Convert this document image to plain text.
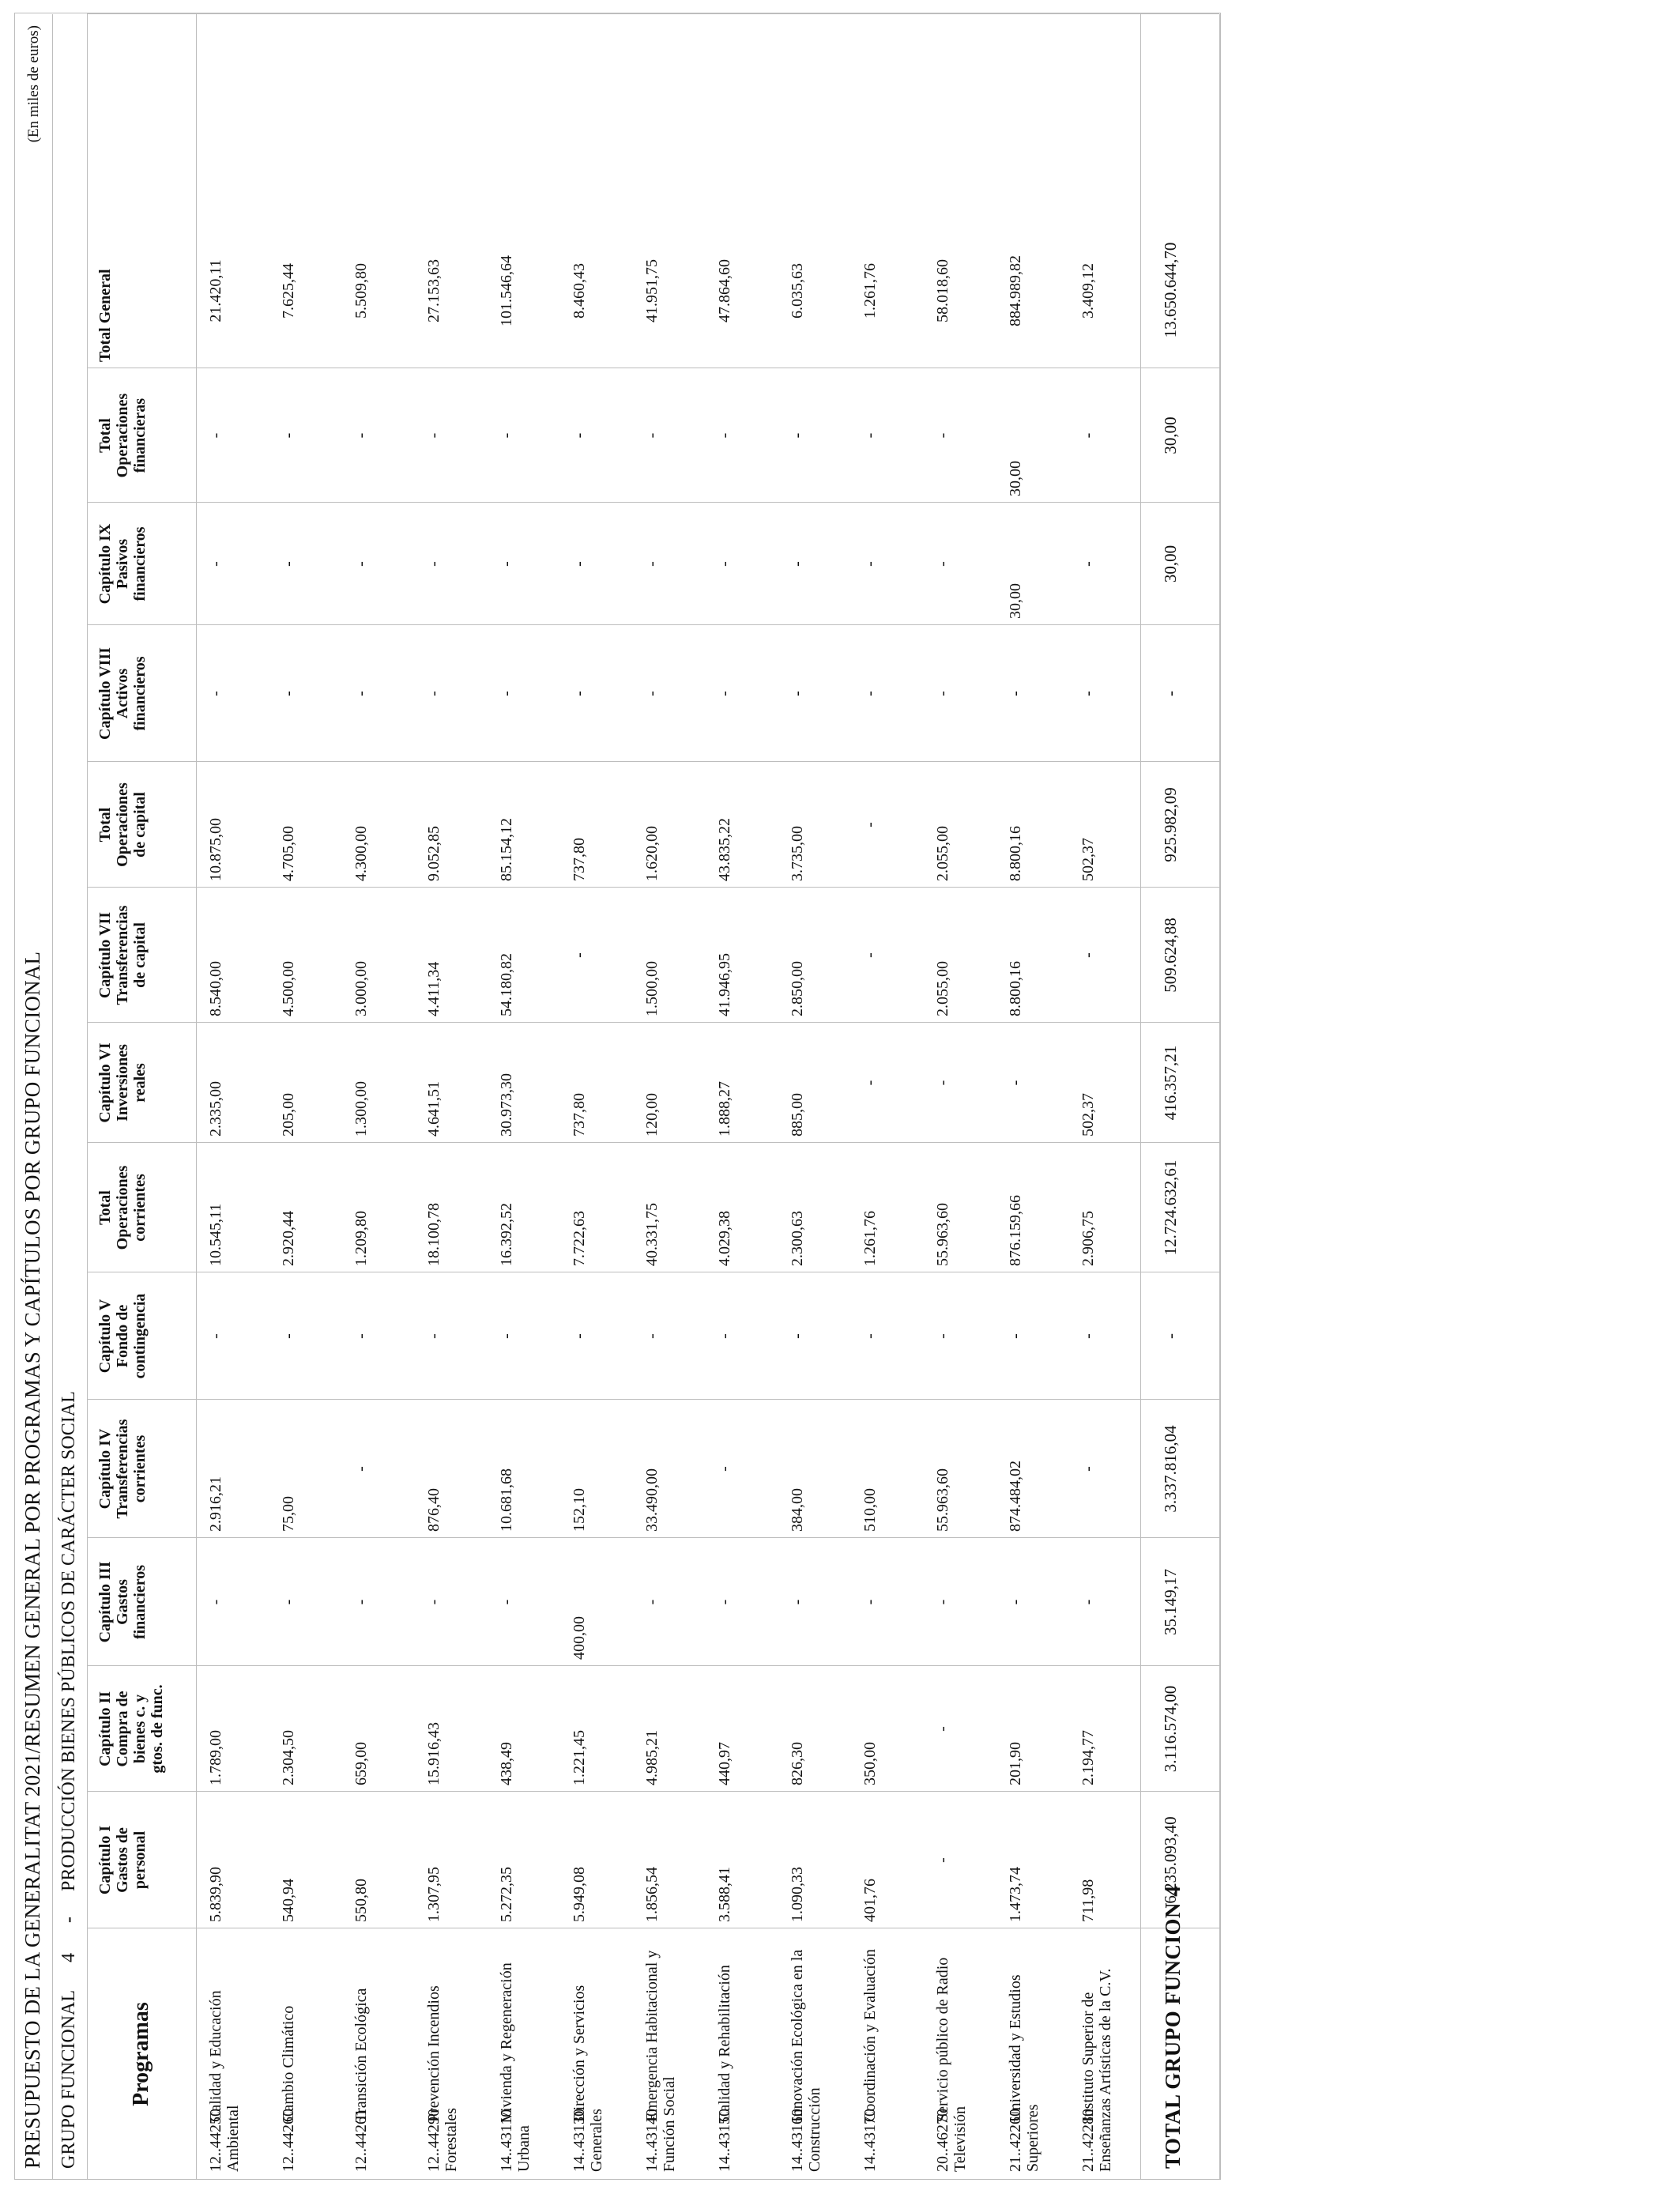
PRESUPUESTO DE LA GENERALITAT 2021/RESUMEN GENERAL POR PROGRAMAS Y CAPÍTULOS POR GRUPO FUNCIONAL
(En miles de euros)
GRUPO FUNCIONAL
4
-
PRODUCCIÓN BIENES PÚBLICOS DE CARÁCTER SOCIAL
Programas
Capítulo I Gastos de personal
Capítulo II Compra de bienes c. y gtos. de func.
Capítulo III Gastos financieros
Capítulo IV Transferencias corrientes
Capítulo V Fondo de contingencia
Total Operaciones corrientes
Capítulo VI Inversiones reales
Capítulo VII Transferencias de capital
Total Operaciones de capital
Capítulo VIII Activos financieros
Capítulo IX Pasivos financieros
Total Operaciones financieras
Total General
12..44250 Calidad y Educación Ambiental
5.839,90
1.789,00
-
2.916,21
-
10.545,11
2.335,00
8.540,00
10.875,00
-
-
-
21.420,11
12..44260 Cambio Climático
540,94
2.304,50
-
75,00
-
2.920,44
205,00
4.500,00
4.705,00
-
-
-
7.625,44
12..44261 Transición Ecológica
550,80
659,00
-
-
-
1.209,80
1.300,00
3.000,00
4.300,00
-
-
-
5.509,80
12..44290 Prevención Incendios Forestales
1.307,95
15.916,43
-
876,40
-
18.100,78
4.641,51
4.411,34
9.052,85
-
-
-
27.153,63
14..43110 Vivienda y Regeneración Urbana
5.272,35
438,49
-
10.681,68
-
16.392,52
30.973,30
54.180,82
85.154,12
-
-
-
101.546,64
14..43130 Dirección y Servicios Generales
5.949,08
1.221,45
400,00
152,10
-
7.722,63
737,80
-
737,80
-
-
-
8.460,43
14..43140 Emergencia Habitacional y Función Social
1.856,54
4.985,21
-
33.490,00
-
40.331,75
120,00
1.500,00
1.620,00
-
-
-
41.951,75
14..43150 Calidad y Rehabilitación
3.588,41
440,97
-
-
-
4.029,38
1.888,27
41.946,95
43.835,22
-
-
-
47.864,60
14..43160 Innovación Ecológica en la Construcción
1.090,33
826,30
-
384,00
-
2.300,63
885,00
2.850,00
3.735,00
-
-
-
6.035,63
14..43170 Coordinación y Evaluación
401,76
350,00
-
510,00
-
1.261,76
-
-
-
-
-
-
1.261,76
20..46270 Servicio público de Radio Televisión
-
-
-
55.963,60
-
55.963,60
-
2.055,00
2.055,00
-
-
-
58.018,60
21..42260 Universidad y Estudios Superiores
1.473,74
201,90
-
874.484,02
-
876.159,66
-
8.800,16
8.800,16
-
30,00
30,00
884.989,82
21..42280 Instituto Superior de Enseñanzas Artísticas de la C.V.
711,98
2.194,77
-
-
-
2.906,75
502,37
-
502,37
-
-
-
3.409,12
TOTAL GRUPO FUNCION 4
6.235.093,40
3.116.574,00
35.149,17
3.337.816,04
-
12.724.632,61
416.357,21
509.624,88
925.982,09
-
30,00
30,00
13.650.644,70
